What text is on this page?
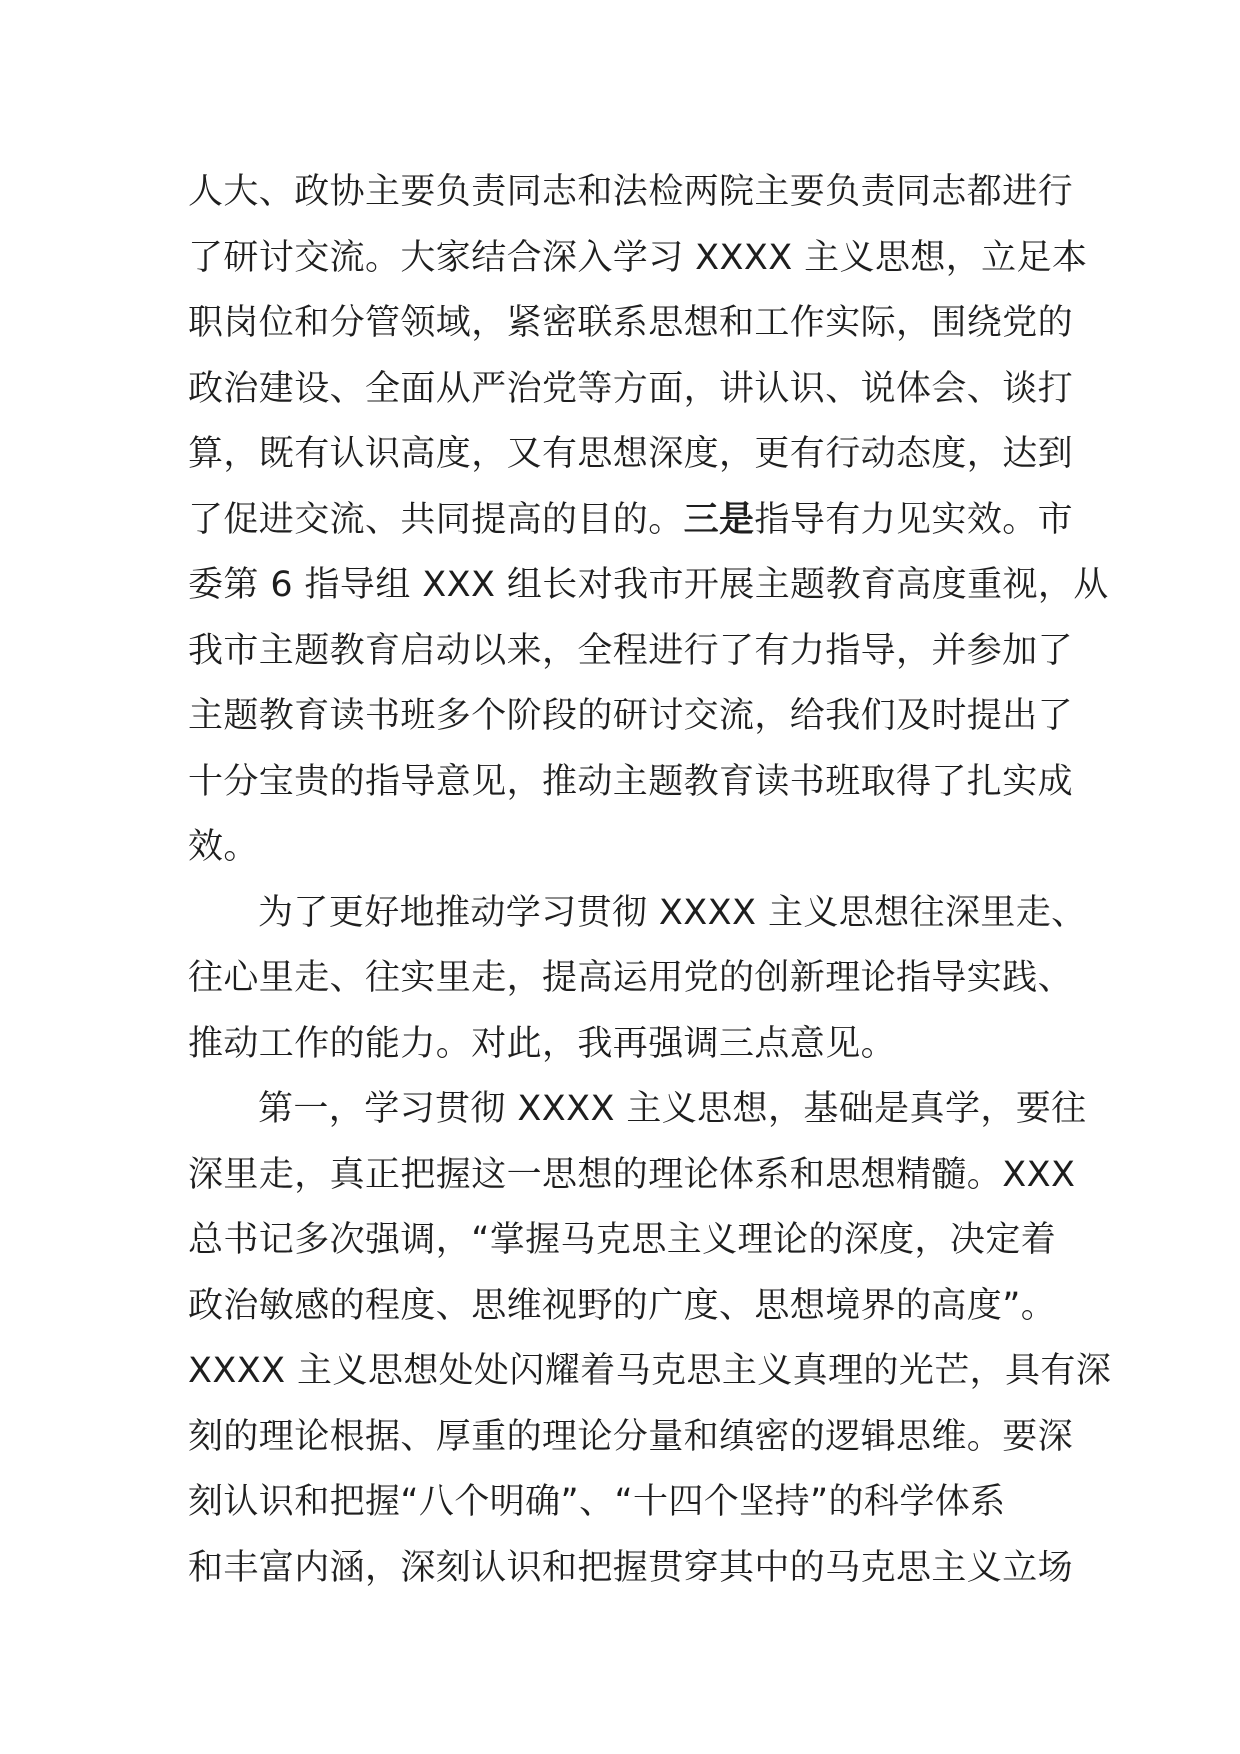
人大、政协主要负责同志和法检两院主要负责同志都进行
了研讨交流。大家结合深入学习 XXXX 主义思想，立足本
职岗位和分管领域，紧密联系思想和工作实际，围绕党的
政治建设、全面从严治党等方面，讲认识、说体会、谈打
算，既有认识高度，又有思想深度，更有行动态度，达到
了促进交流、共同提高的目的。三是指导有力见实效。市
委第 6 指导组 XXX 组长对我市开展主题教育高度重视，从
我市主题教育启动以来，全程进行了有力指导，并参加了
主题教育读书班多个阶段的研讨交流，给我们及时提出了
十分宝贵的指导意见，推动主题教育读书班取得了扎实成
效。
为了更好地推动学习贯彻 XXXX 主义思想往深里走、
往心里走、往实里走，提高运用党的创新理论指导实践、
推动工作的能力。对此，我再强调三点意见。
第一，学习贯彻 XXXX 主义思想，基础是真学，要往
深里走，真正把握这一思想的理论体系和思想精髓。XXX
总书记多次强调，“掌握马克思主义理论的深度，决定着
政治敏感的程度、思维视野的广度、思想境界的高度”。
XXXX 主义思想处处闪耀着马克思主义真理的光芒，具有深
刻的理论根据、厚重的理论分量和缜密的逻辑思维。要深
刻认识和把握“八个明确”、“十四个坚持”的科学体系
和丰富内涵，深刻认识和把握贯穿其中的马克思主义立场
